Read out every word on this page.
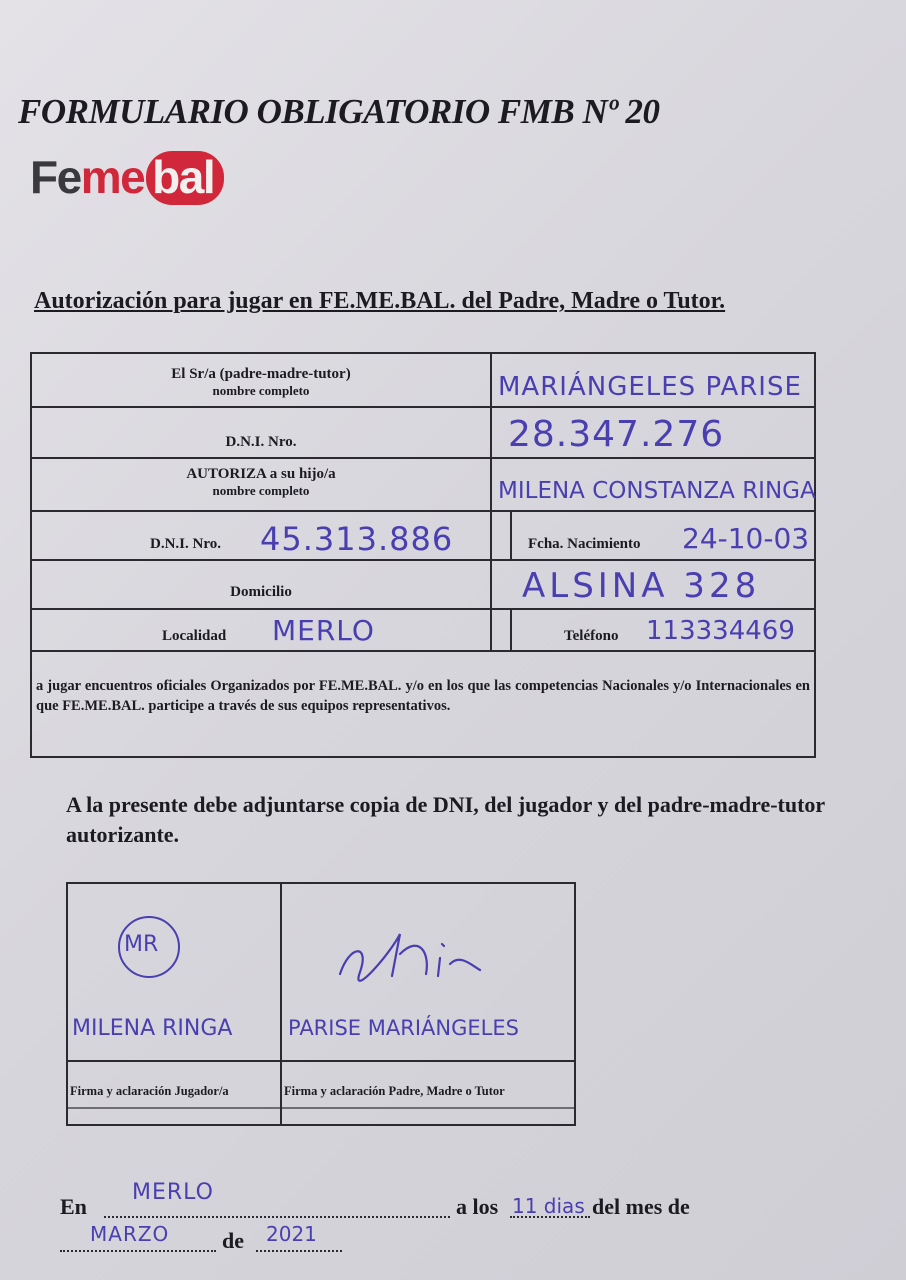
FORMULARIO OBLIGATORIO FMB Nº 20
Feme bal
Autorización para jugar en FE.ME.BAL. del Padre, Madre o Tutor.
El Sr/a (padre-madre-tutor)
nombre completo	MARIÁNGELES PARISE
D.N.I. Nro.	28.347.276
AUTORIZA a su hijo/a
nombre completo	MILENA CONSTANZA RINGA
D.N.I. Nro. 45.313.886	Fcha. Nacimiento 24-10-03
Domicilio	ALSINA 328
Localidad MERLO	Teléfono 113334469
a jugar encuentros oficiales Organizados por FE.ME.BAL. y/o en los que las competencias Nacionales y/o Internacionales en que FE.ME.BAL. participe a través de sus equipos representativos.
A la presente debe adjuntarse copia de DNI, del jugador y del padre-madre-tutor autorizante.
MR
MILENA RINGA	PARISE MARIÁNGELES
Firma y aclaración Jugador/a	Firma y aclaración Padre, Madre o Tutor
En
MERLO
a los 11 dias del mes de
MARZO de 2021
